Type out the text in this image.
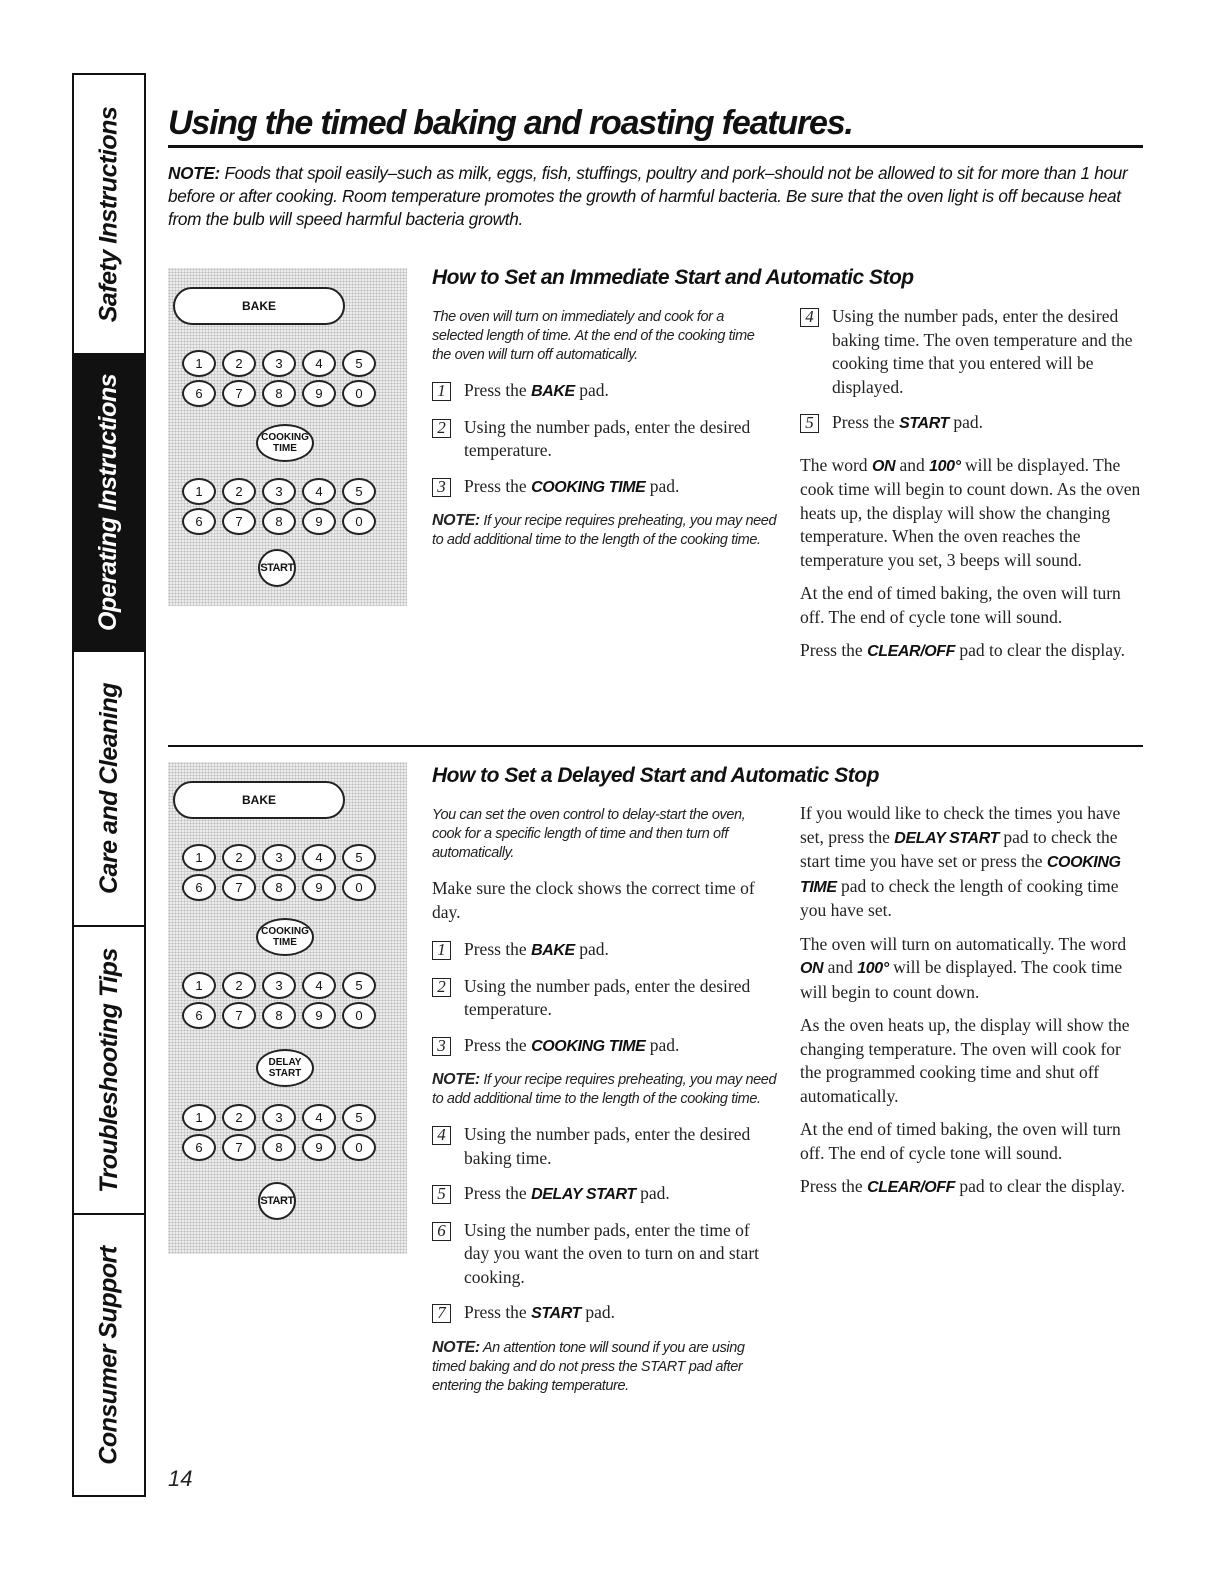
Safety Instructions
Operating Instructions
Care and Cleaning
Troubleshooting Tips
Consumer Support
Using the timed baking and roasting features.
NOTE: Foods that spoil easily–such as milk, eggs, fish, stuffings, poultry and pork–should not be allowed to sit for more than 1 hour before or after cooking. Room temperature promotes the growth of harmful bacteria. Be sure that the oven light is off because heat from the bulb will speed harmful bacteria growth.
BAKE
1	2	3	4	5
6	7	8	9	0
COOKING
TIME
1	2	3	4	5
6	7	8	9	0
START
BAKE
1	2	3	4	5
6	7	8	9	0
COOKING
TIME
1	2	3	4	5
6	7	8	9	0
DELAY
START
1	2	3	4	5
6	7	8	9	0
START
How to Set an Immediate Start and Automatic Stop

The oven will turn on immediately and cook for a selected length of time. At the end of the cooking time the oven will turn off automatically.

1	Press the BAKE pad.
2	Using the number pads, enter the desired temperature.
3	Press the COOKING TIME pad.

NOTE: If your recipe requires preheating, you may need to add additional time to the length of the cooking time.

4	Using the number pads, enter the desired baking time. The oven temperature and the cooking time that you entered will be displayed.
5	Press the START pad.

The word ON and 100° will be displayed. The cook time will begin to count down. As the oven heats up, the display will show the changing temperature. When the oven reaches the temperature you set, 3 beeps will sound.

At the end of timed baking, the oven will turn off. The end of cycle tone will sound.

Press the CLEAR/OFF pad to clear the display.

How to Set a Delayed Start and Automatic Stop

You can set the oven control to delay-start the oven, cook for a specific length of time and then turn off automatically.

Make sure the clock shows the correct time of day.

1	Press the BAKE pad.
2	Using the number pads, enter the desired temperature.
3	Press the COOKING TIME pad.

NOTE: If your recipe requires preheating, you may need to add additional time to the length of the cooking time.

4	Using the number pads, enter the desired baking time.
5	Press the DELAY START pad.
6	Using the number pads, enter the time of day you want the oven to turn on and start cooking.
7	Press the START pad.

NOTE: An attention tone will sound if you are using timed baking and do not press the START pad after entering the baking temperature.

If you would like to check the times you have set, press the DELAY START pad to check the start time you have set or press the COOKING TIME pad to check the length of cooking time you have set.

The oven will turn on automatically. The word ON and 100° will be displayed. The cook time will begin to count down.

As the oven heats up, the display will show the changing temperature. The oven will cook for the programmed cooking time and shut off automatically.

At the end of timed baking, the oven will turn off. The end of cycle tone will sound.

Press the CLEAR/OFF pad to clear the display.

14
